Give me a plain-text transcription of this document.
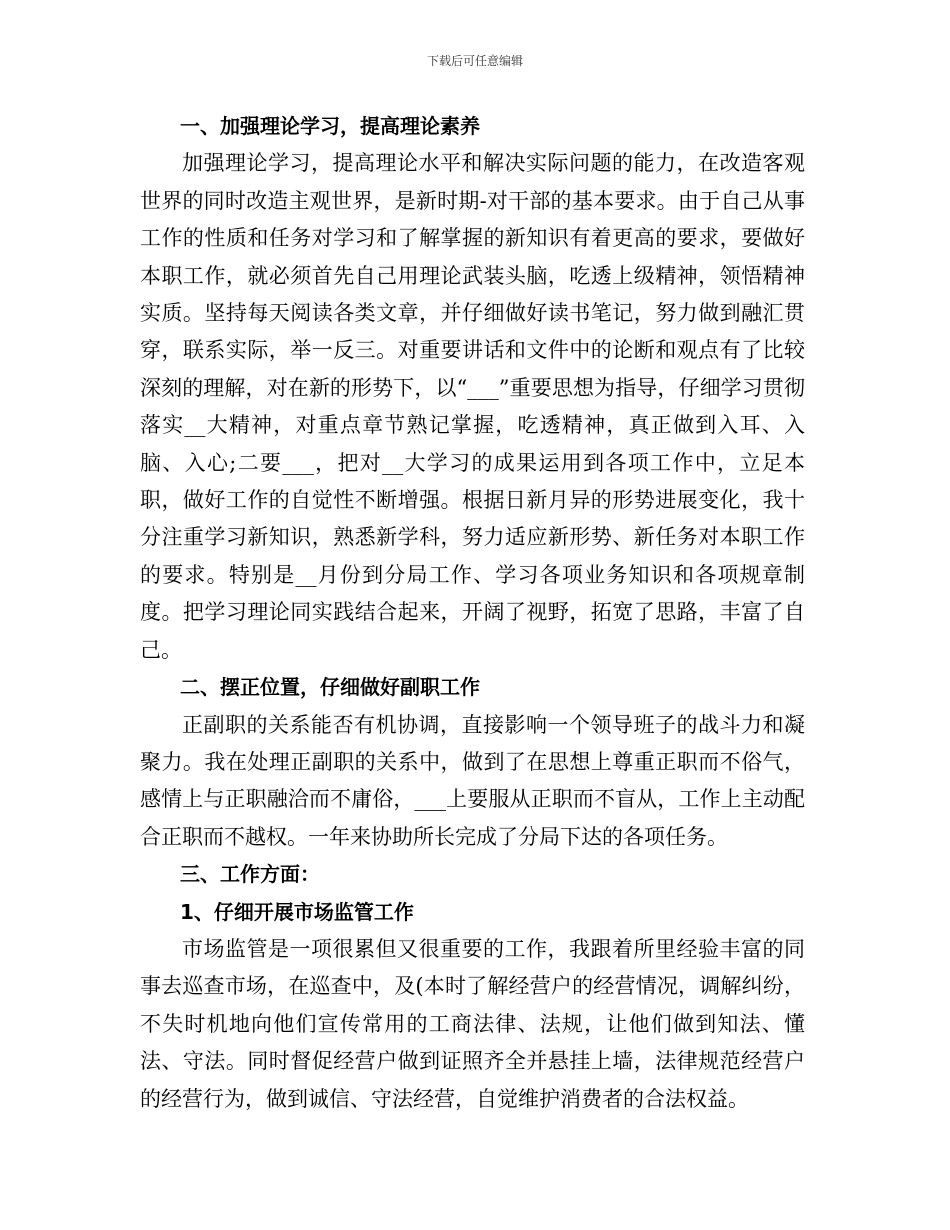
下载后可任意编辑

一、加强理论学习，提高理论素养

加强理论学习，提高理论水平和解决实际问题的能力，在改造客观世界的同时改造主观世界，是新时期-对干部的基本要求。由于自己从事工作的性质和任务对学习和了解掌握的新知识有着更高的要求，要做好本职工作，就必须首先自己用理论武装头脑，吃透上级精神，领悟精神实质。坚持每天阅读各类文章，并仔细做好读书笔记，努力做到融汇贯穿，联系实际，举一反三。对重要讲话和文件中的论断和观点有了比较深刻的理解，对在新的形势下，以“___”重要思想为指导，仔细学习贯彻落实__大精神，对重点章节熟记掌握，吃透精神，真正做到入耳、入脑、入心;二要___，把对__大学习的成果运用到各项工作中，立足本职，做好工作的自觉性不断增强。根据日新月异的形势进展变化，我十分注重学习新知识，熟悉新学科，努力适应新形势、新任务对本职工作的要求。特别是__月份到分局工作、学习各项业务知识和各项规章制度。把学习理论同实践结合起来，开阔了视野，拓宽了思路，丰富了自己。

二、摆正位置，仔细做好副职工作

正副职的关系能否有机协调，直接影响一个领导班子的战斗力和凝聚力。我在处理正副职的关系中，做到了在思想上尊重正职而不俗气，感情上与正职融洽而不庸俗，___上要服从正职而不盲从，工作上主动配合正职而不越权。一年来协助所长完成了分局下达的各项任务。

三、工作方面：

1、仔细开展市场监管工作

市场监管是一项很累但又很重要的工作，我跟着所里经验丰富的同事去巡查市场，在巡查中，及(本时了解经营户的经营情况，调解纠纷，不失时机地向他们宣传常用的工商法律、法规，让他们做到知法、懂法、守法。同时督促经营户做到证照齐全并悬挂上墙，法律规范经营户的经营行为，做到诚信、守法经营，自觉维护消费者的合法权益。
